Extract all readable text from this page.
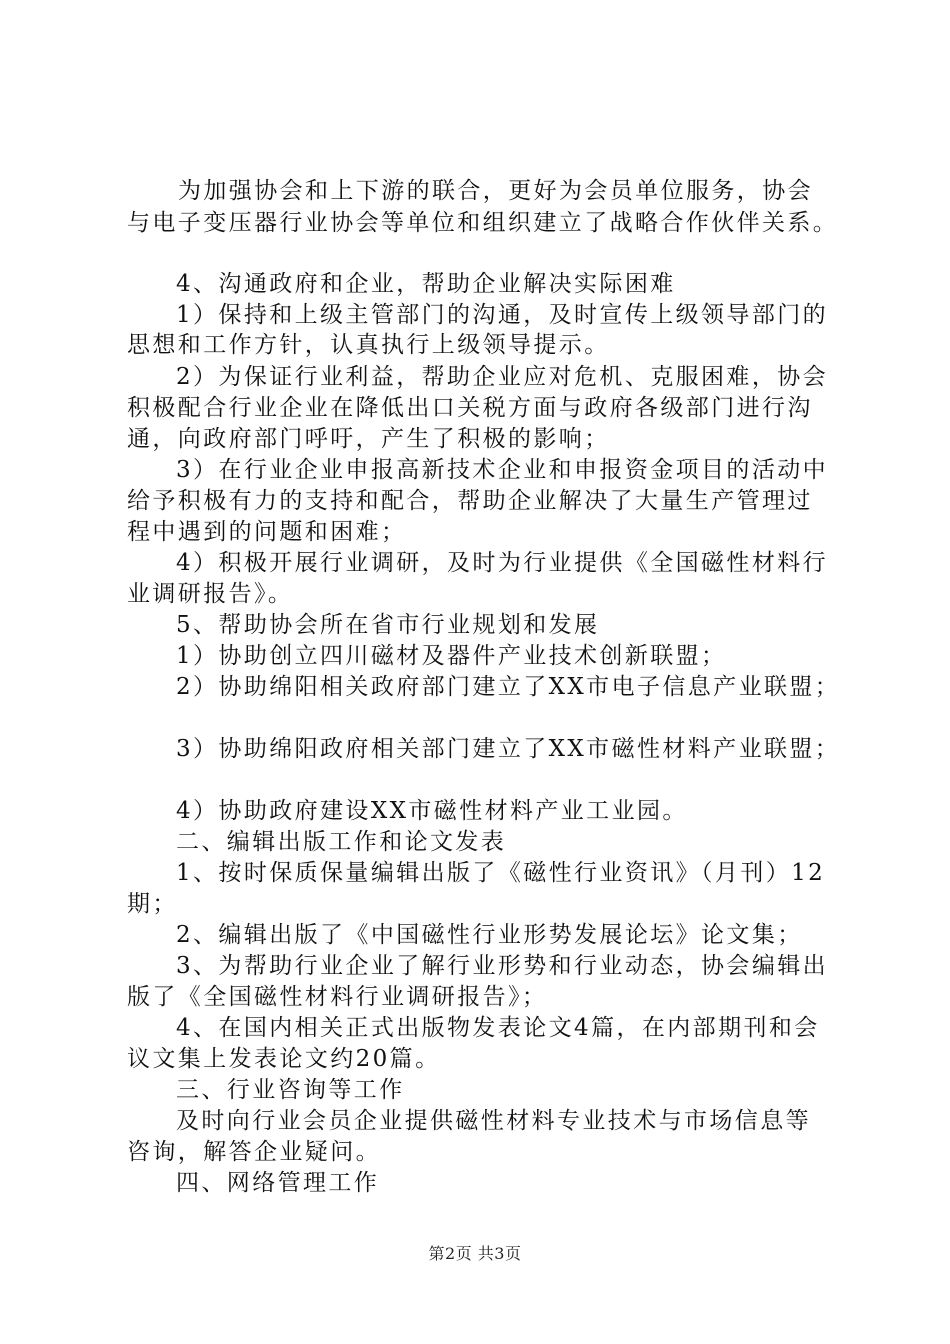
为加强协会和上下游的联合，更好为会员单位服务，协会
与电子变压器行业协会等单位和组织建立了战略合作伙伴关系。
4、沟通政府和企业，帮助企业解决实际困难
1）保持和上级主管部门的沟通，及时宣传上级领导部门的
思想和工作方针，认真执行上级领导提示。
2）为保证行业利益，帮助企业应对危机、克服困难，协会
积极配合行业企业在降低出口关税方面与政府各级部门进行沟
通，向政府部门呼吁，产生了积极的影响；
3）在行业企业申报高新技术企业和申报资金项目的活动中
给予积极有力的支持和配合，帮助企业解决了大量生产管理过
程中遇到的问题和困难；
4）积极开展行业调研，及时为行业提供《全国磁性材料行
业调研报告》。
5、帮助协会所在省市行业规划和发展
1）协助创立四川磁材及器件产业技术创新联盟；
2）协助绵阳相关政府部门建立了XX市电子信息产业联盟；
3）协助绵阳政府相关部门建立了XX市磁性材料产业联盟；
4）协助政府建设XX市磁性材料产业工业园。
二、编辑出版工作和论文发表
1、按时保质保量编辑出版了《磁性行业资讯》（月刊）12
期；
2、编辑出版了《中国磁性行业形势发展论坛》论文集；
3、为帮助行业企业了解行业形势和行业动态，协会编辑出
版了《全国磁性材料行业调研报告》；
4、在国内相关正式出版物发表论文4篇，在内部期刊和会
议文集上发表论文约20篇。
三、行业咨询等工作
及时向行业会员企业提供磁性材料专业技术与市场信息等
咨询，解答企业疑问。
四、网络管理工作
第2页 共3页
